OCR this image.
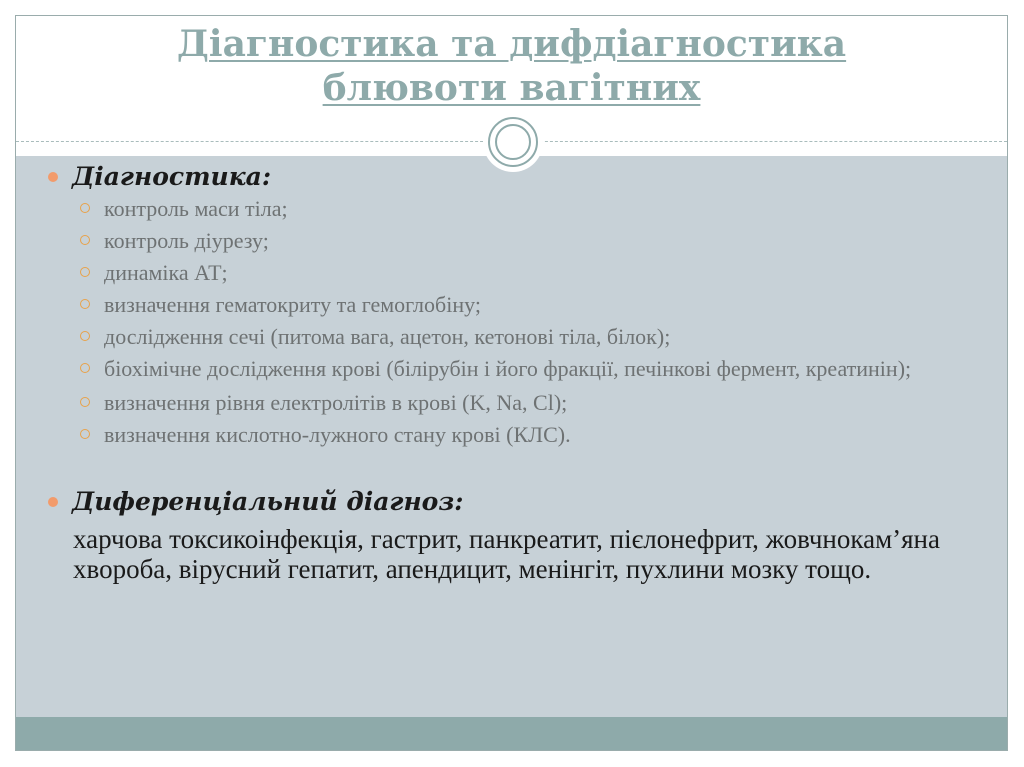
Діагностика та дифдіагностика
блювоти вагітних
Діагностика:
контроль маси тіла;
контроль діурезу;
динаміка АТ;
визначення гематокриту та гемоглобіну;
дослідження сечі (питома вага, ацетон, кетонові тіла, білок);
біохімічне дослідження крові (білірубін і його фракції, печінкові фермент, креатинін);
визначення рівня електролітів в крові (K, Na, Cl);
визначення кислотно-лужного стану крові (КЛС).
Диференціальний діагноз:

харчова токсикоінфекція, гастрит, панкреатит, пієлонефрит, жовчнокам’яна хвороба, вірусний гепатит, апендицит, менінгіт, пухлини мозку тощо.
